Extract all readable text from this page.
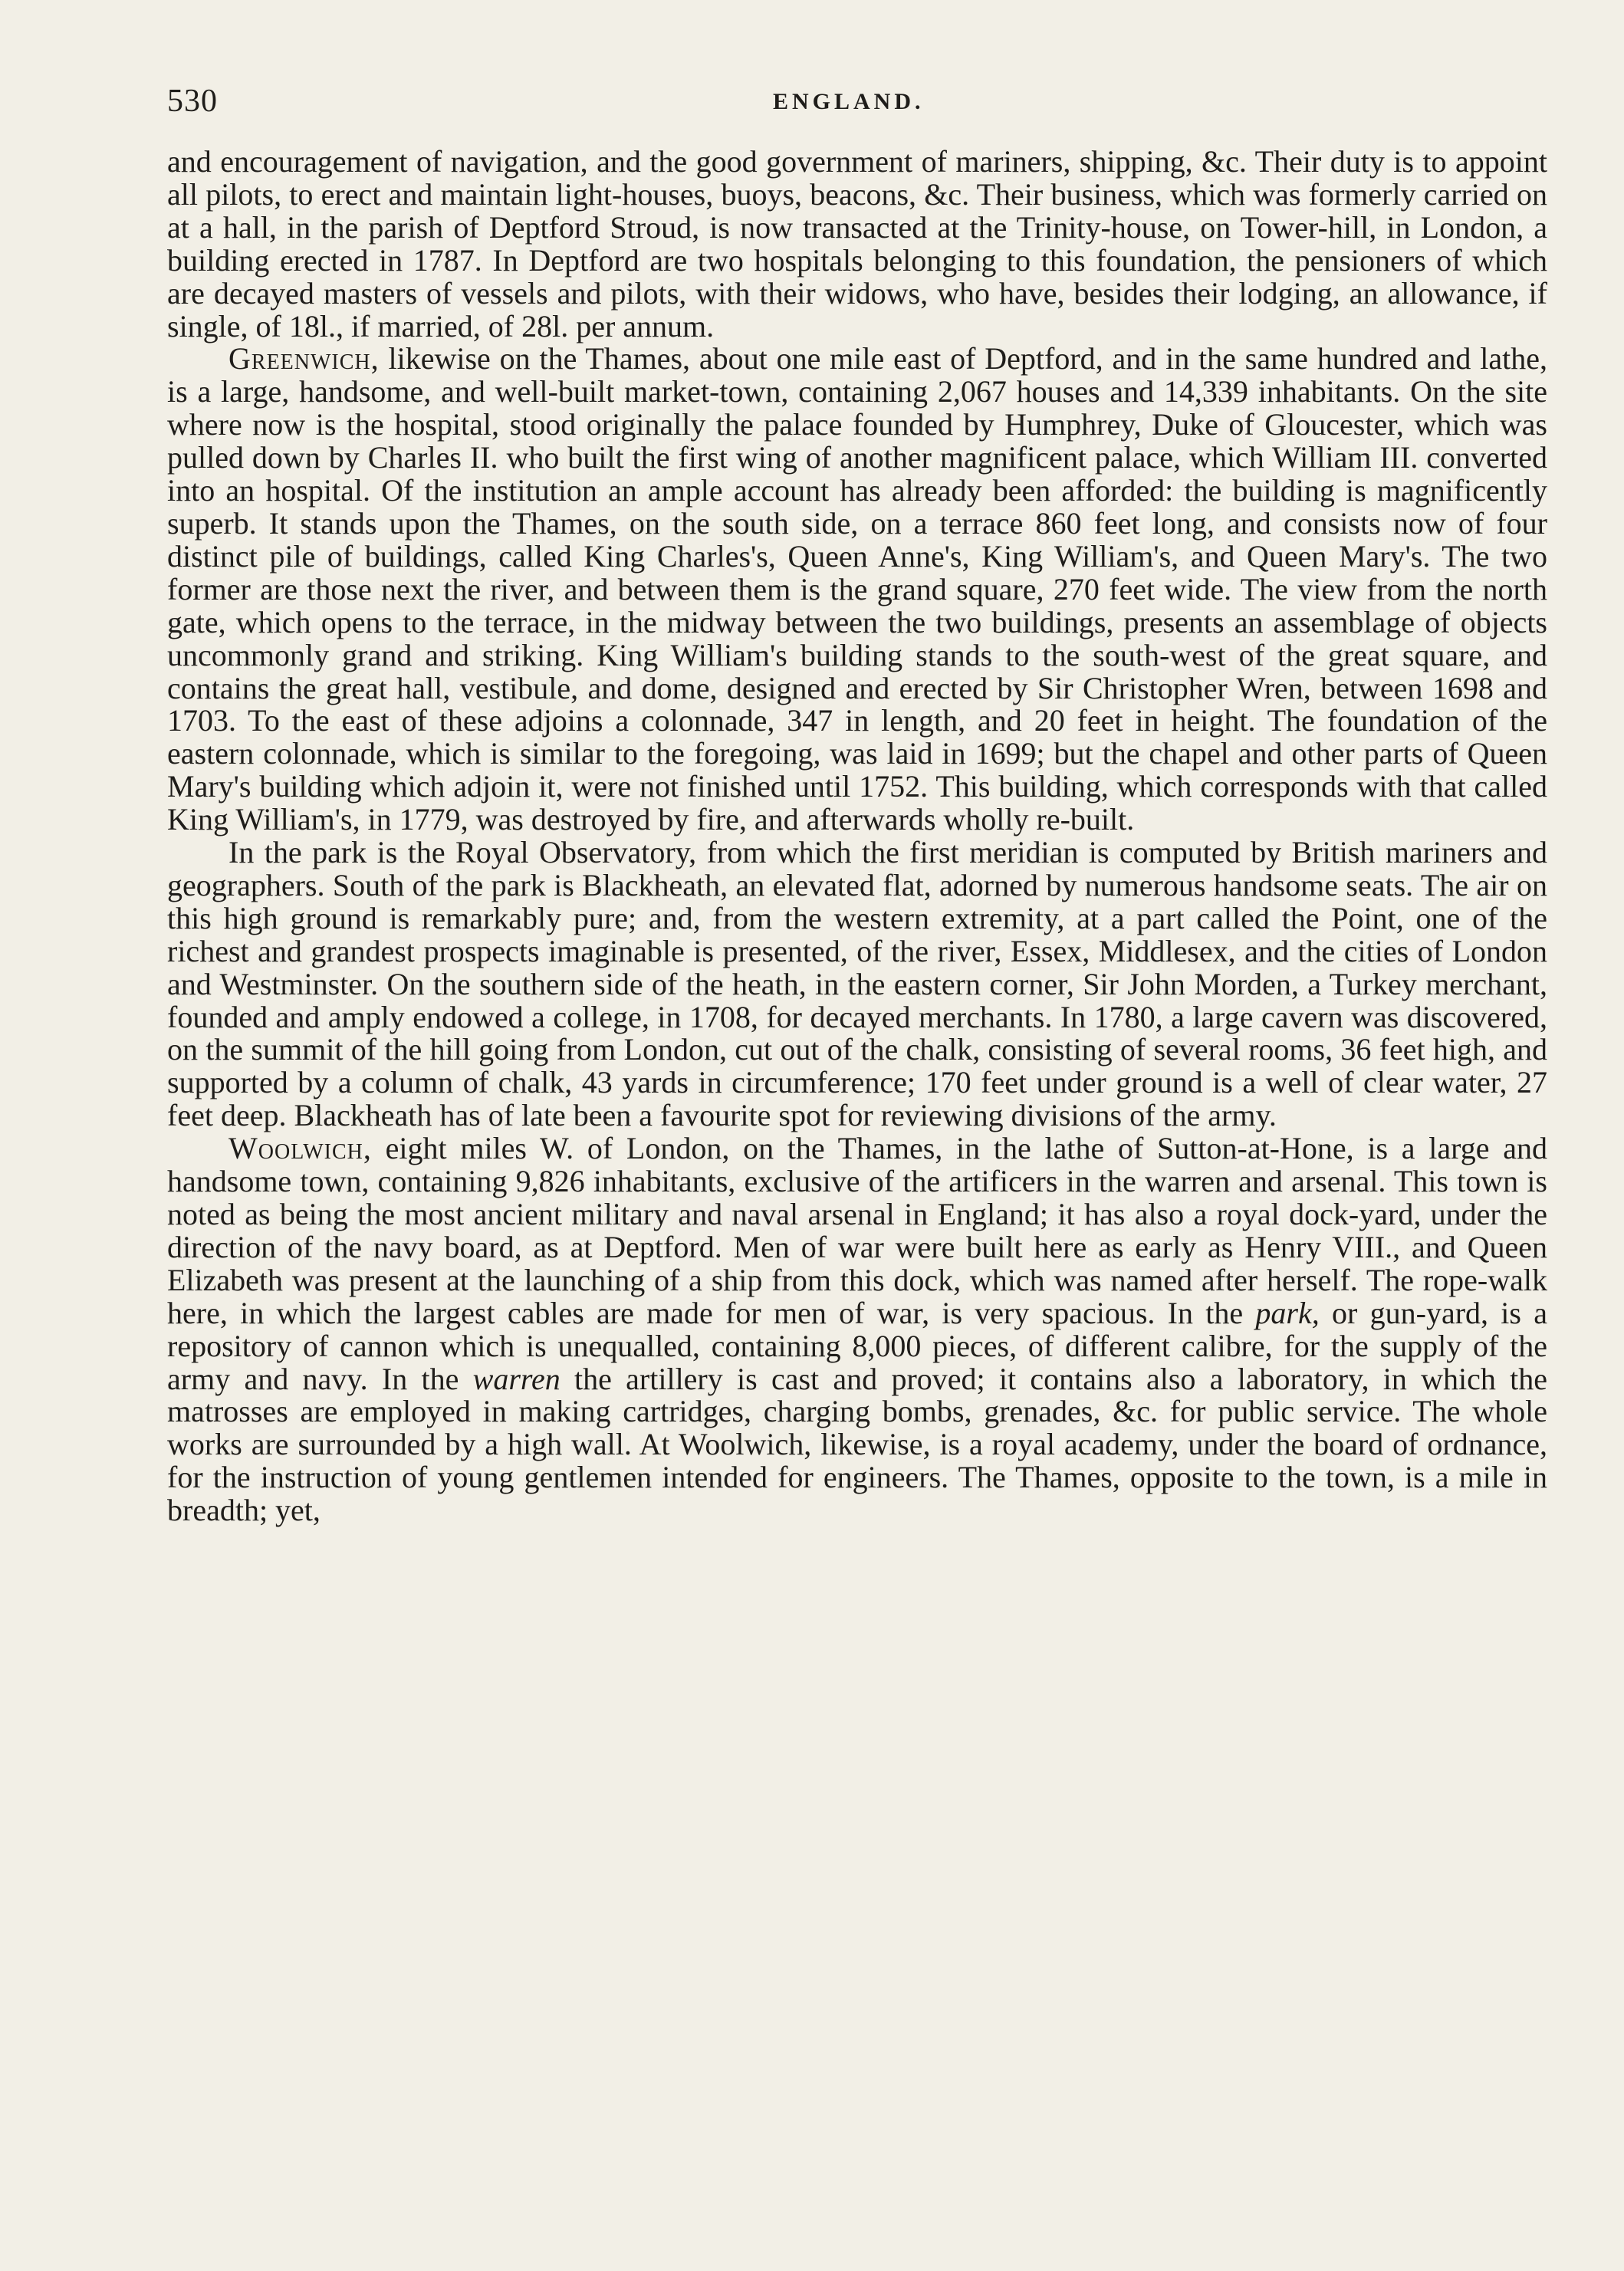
530	ENGLAND.

and encouragement of navigation, and the good government of mariners, shipping, &c. Their duty is to appoint all pilots, to erect and maintain light-houses, buoys, beacons, &c. Their business, which was formerly carried on at a hall, in the parish of Deptford Stroud, is now transacted at the Trinity-house, on Tower-hill, in London, a building erected in 1787. In Deptford are two hospitals belonging to this foundation, the pensioners of which are decayed masters of vessels and pilots, with their widows, who have, besides their lodging, an allowance, if single, of 18l., if married, of 28l. per annum.

Greenwich, likewise on the Thames, about one mile east of Deptford, and in the same hundred and lathe, is a large, handsome, and well-built market-town, containing 2,067 houses and 14,339 inhabitants. On the site where now is the hospital, stood originally the palace founded by Humphrey, Duke of Gloucester, which was pulled down by Charles II. who built the first wing of another magnificent palace, which William III. converted into an hospital. Of the institution an ample account has already been afforded: the building is magnificently superb. It stands upon the Thames, on the south side, on a terrace 860 feet long, and consists now of four distinct pile of buildings, called King Charles's, Queen Anne's, King William's, and Queen Mary's. The two former are those next the river, and between them is the grand square, 270 feet wide. The view from the north gate, which opens to the terrace, in the midway between the two buildings, presents an assemblage of objects uncommonly grand and striking. King William's building stands to the south-west of the great square, and contains the great hall, vestibule, and dome, designed and erected by Sir Christopher Wren, between 1698 and 1703. To the east of these adjoins a colonnade, 347 in length, and 20 feet in height. The foundation of the eastern colonnade, which is similar to the foregoing, was laid in 1699; but the chapel and other parts of Queen Mary's building which adjoin it, were not finished until 1752. This building, which corresponds with that called King William's, in 1779, was destroyed by fire, and afterwards wholly re-built.

In the park is the Royal Observatory, from which the first meridian is computed by British mariners and geographers. South of the park is Blackheath, an elevated flat, adorned by numerous handsome seats. The air on this high ground is remarkably pure; and, from the western extremity, at a part called the Point, one of the richest and grandest prospects imaginable is presented, of the river, Essex, Middlesex, and the cities of London and Westminster. On the southern side of the heath, in the eastern corner, Sir John Morden, a Turkey merchant, founded and amply endowed a college, in 1708, for decayed merchants. In 1780, a large cavern was discovered, on the summit of the hill going from London, cut out of the chalk, consisting of several rooms, 36 feet high, and supported by a column of chalk, 43 yards in circumference; 170 feet under ground is a well of clear water, 27 feet deep. Blackheath has of late been a favourite spot for reviewing divisions of the army.

Woolwich, eight miles W. of London, on the Thames, in the lathe of Sutton-at-Hone, is a large and handsome town, containing 9,826 inhabitants, exclusive of the artificers in the warren and arsenal. This town is noted as being the most ancient military and naval arsenal in England; it has also a royal dock-yard, under the direction of the navy board, as at Deptford. Men of war were built here as early as Henry VIII., and Queen Elizabeth was present at the launching of a ship from this dock, which was named after herself. The rope-walk here, in which the largest cables are made for men of war, is very spacious. In the park, or gun-yard, is a repository of cannon which is unequalled, containing 8,000 pieces, of different calibre, for the supply of the army and navy. In the warren the artillery is cast and proved; it contains also a laboratory, in which the matrosses are employed in making cartridges, charging bombs, grenades, &c. for public service. The whole works are surrounded by a high wall. At Woolwich, likewise, is a royal academy, under the board of ordnance, for the instruction of young gentlemen intended for engineers. The Thames, opposite to the town, is a mile in breadth; yet,
